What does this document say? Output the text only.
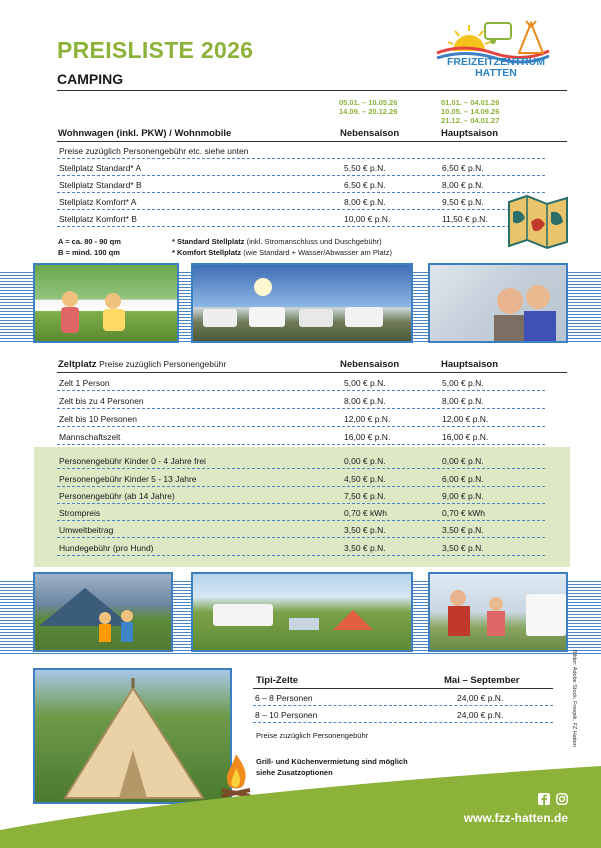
PREISLISTE 2026
CAMPING
FREIZEITZENTRUM
HATTEN
05.01. – 10.05.26
14.09. – 20.12.26
01.01. – 04.01.26
10.05. – 14.09.26
21.12. – 04.01.27
Wohnwagen (inkl. PKW) / Wohnmobile	Nebensaison	Hauptsaison
Preise zuzüglich Personengebühr etc. siehe unten
Stellplatz Standard* A	5,50 € p.N.	6,50 € p.N.
Stellplatz Standard* B	6,50 € p.N.	8,00 € p.N.
Stellplatz Komfort* A	8,00 € p.N.	9,50 € p.N.
Stellplatz Komfort* B	10,00 € p.N.	11,50 € p.N.
A = ca. 80 - 90 qm
B = mind. 100 qm
* Standard Stellplatz (inkl. Stromanschluss und Duschgebühr)
* Komfort Stellplatz (wie Standard + Wasser/Abwasser am Platz)
Zeltplatz Preise zuzüglich Personengebühr	Nebensaison	Hauptsaison
Zelt 1 Person	5,00 € p.N.	5,00 € p.N.
Zelt bis zu 4 Personen	8,00 € p.N.	8,00 € p.N.
Zelt bis 10 Personen	12,00 € p.N.	12,00 € p.N.
Mannschaftszelt	16,00 € p.N.	16,00 € p.N.
Personengebühr Kinder 0 - 4 Jahre frei	0,00 € p.N.	0,00 € p.N.
Personengebühr Kinder 5 - 13 Jahre	4,50 € p.N.	6,00 € p.N.
Personengebühr (ab 14 Jahre)	7,50 € p.N.	9,00 € p.N.
Strompreis	0,70 € kWh	0,70 € kWh
Umweltbeitrag	3,50 € p.N.	3,50 € p.N.
Hundegebühr (pro Hund)	3,50 € p.N.	3,50 € p.N.
Tipi-Zelte	Mai – September
6 – 8 Personen	24,00 € p.N.
8 – 10 Personen	24,00 € p.N.
Preise zuzüglich Personengebühr
Grill- und Küchenvermietung sind möglich
siehe Zusatzoptionen
Bilder: Adobe Stock, Freepik, FZ Hatten
www.fzz-hatten.de
